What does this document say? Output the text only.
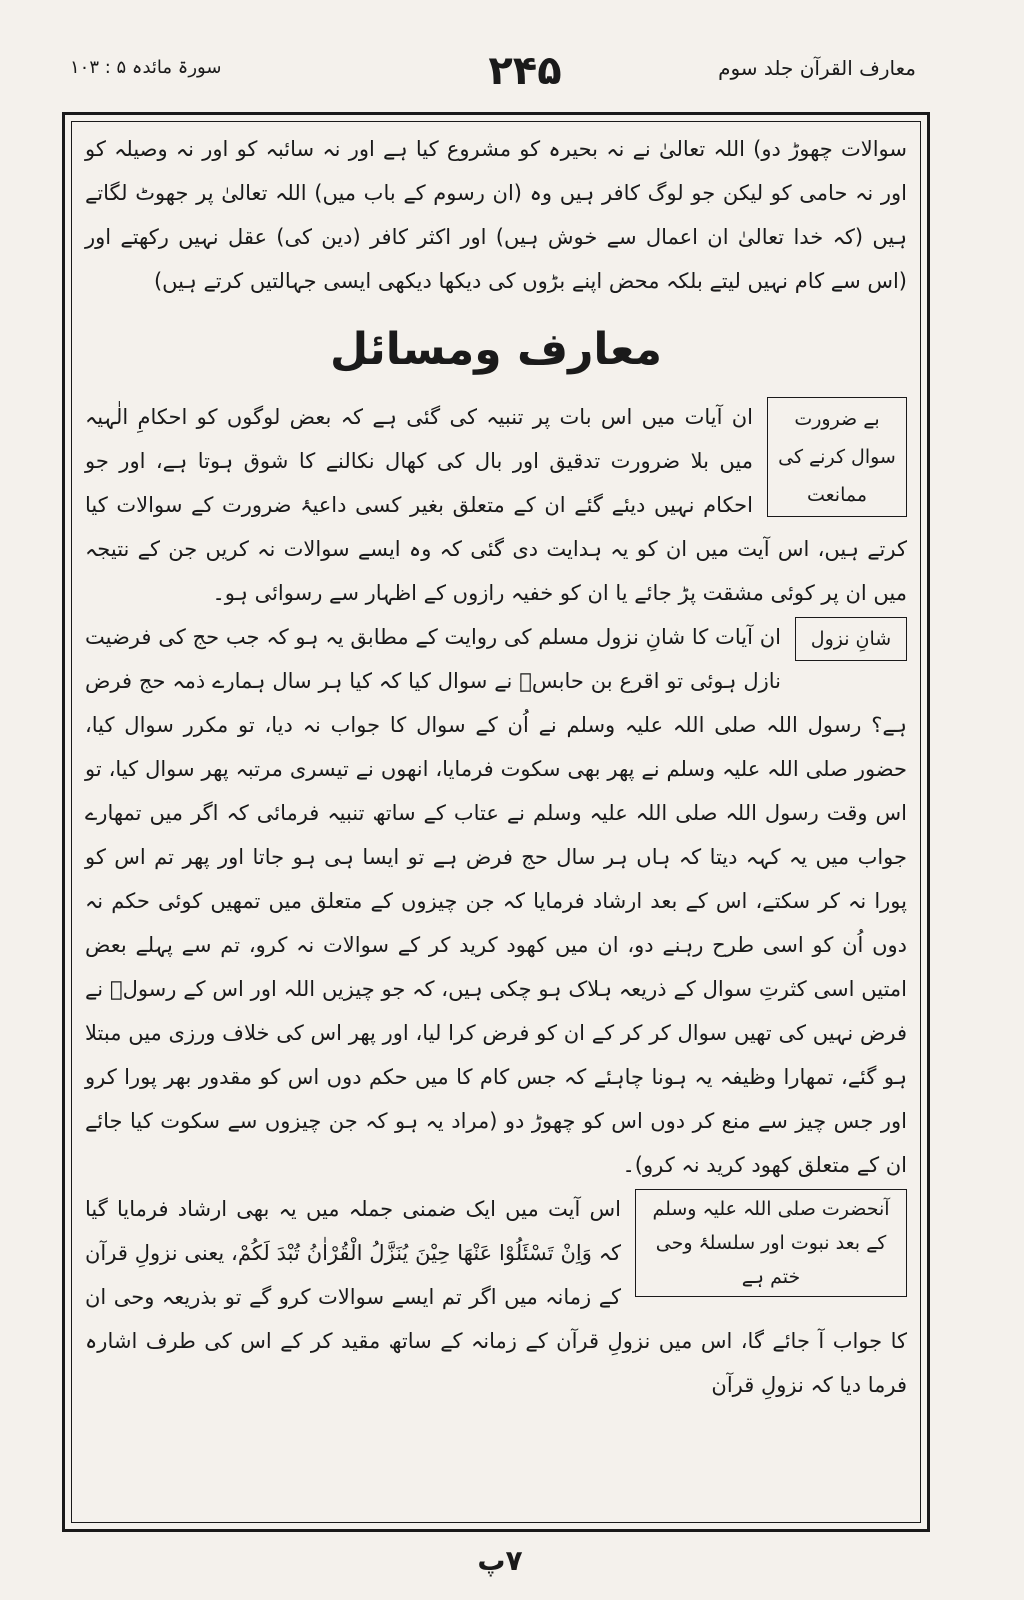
معارف القرآن جلد سوم
۲۴۵
سورۃ مائدہ ۵ : ۱۰۳

سوالات چھوڑ دو) اللہ تعالیٰ نے نہ بحیرہ کو مشروع کیا ہے اور نہ سائبہ کو اور نہ وصیلہ کو اور نہ حامی کو لیکن جو لوگ کافر ہیں وہ (ان رسوم کے باب میں) اللہ تعالیٰ پر جھوٹ لگاتے ہیں (کہ خدا تعالیٰ ان اعمال سے خوش ہیں) اور اکثر کافر (دین کی) عقل نہیں رکھتے اور (اس سے کام نہیں لیتے بلکہ محض اپنے بڑوں کی دیکھا دیکھی ایسی جہالتیں کرتے ہیں)

معارف ومسائل
بے ضرورت سوال کرنے کی ممانعت

ان آیات میں اس بات پر تنبیہ کی گئی ہے کہ بعض لوگوں کو احکامِ الٰہیہ میں بلا ضرورت تدقیق اور بال کی کھال نکالنے کا شوق ہوتا ہے، اور جو احکام نہیں دیئے گئے ان کے متعلق بغیر کسی داعیۂ ضرورت کے سوالات کیا کرتے ہیں، اس آیت میں ان کو یہ ہدایت دی گئی کہ وہ ایسے سوالات نہ کریں جن کے نتیجہ میں ان پر کوئی مشقت پڑ جائے یا ان کو خفیہ رازوں کے اظہار سے رسوائی ہو۔

شانِ نزول

ان آیات کا شانِ نزول مسلم کی روایت کے مطابق یہ ہو کہ جب حج کی فرضیت نازل ہوئی تو اقرع بن حابسؓ نے سوال کیا کہ کیا ہر سال ہمارے ذمہ حج فرض ہے؟ رسول اللہ صلی اللہ علیہ وسلم نے اُن کے سوال کا جواب نہ دیا، تو مکرر سوال کیا، حضور صلی اللہ علیہ وسلم نے پھر بھی سکوت فرمایا، انھوں نے تیسری مرتبہ پھر سوال کیا، تو اس وقت رسول اللہ صلی اللہ علیہ وسلم نے عتاب کے ساتھ تنبیہ فرمائی کہ اگر میں تمھارے جواب میں یہ کہہ دیتا کہ ہاں ہر سال حج فرض ہے تو ایسا ہی ہو جاتا اور پھر تم اس کو پورا نہ کر سکتے، اس کے بعد ارشاد فرمایا کہ جن چیزوں کے متعلق میں تمھیں کوئی حکم نہ دوں اُن کو اسی طرح رہنے دو، ان میں کھود کرید کر کے سوالات نہ کرو، تم سے پہلے بعض امتیں اسی کثرتِ سوال کے ذریعہ ہلاک ہو چکی ہیں، کہ جو چیزیں اللہ اور اس کے رسولؐ نے فرض نہیں کی تھیں سوال کر کر کے ان کو فرض کرا لیا، اور پھر اس کی خلاف ورزی میں مبتلا ہو گئے، تمھارا وظیفہ یہ ہونا چاہئے کہ جس کام کا میں حکم دوں اس کو مقدور بھر پورا کرو اور جس چیز سے منع کر دوں اس کو چھوڑ دو (مراد یہ ہو کہ جن چیزوں سے سکوت کیا جائے ان کے متعلق کھود کرید نہ کرو)۔

آنحضرت صلی اللہ علیہ وسلم کے بعد نبوت اور سلسلۂ وحی ختم ہے

اس آیت میں ایک ضمنی جملہ میں یہ بھی ارشاد فرمایا گیا کہ وَاِنْ تَسْئَلُوْا عَنْهَا حِيْنَ يُنَزَّلُ الْقُرْاٰنُ تُبْدَ لَكُمْ، یعنی نزولِ قرآن کے زمانہ میں اگر تم ایسے سوالات کرو گے تو بذریعہ وحی ان کا جواب آ جائے گا، اس میں نزولِ قرآن کے زمانہ کے ساتھ مقید کر کے اس کی طرف اشارہ فرما دیا کہ نزولِ قرآن

۷پ
